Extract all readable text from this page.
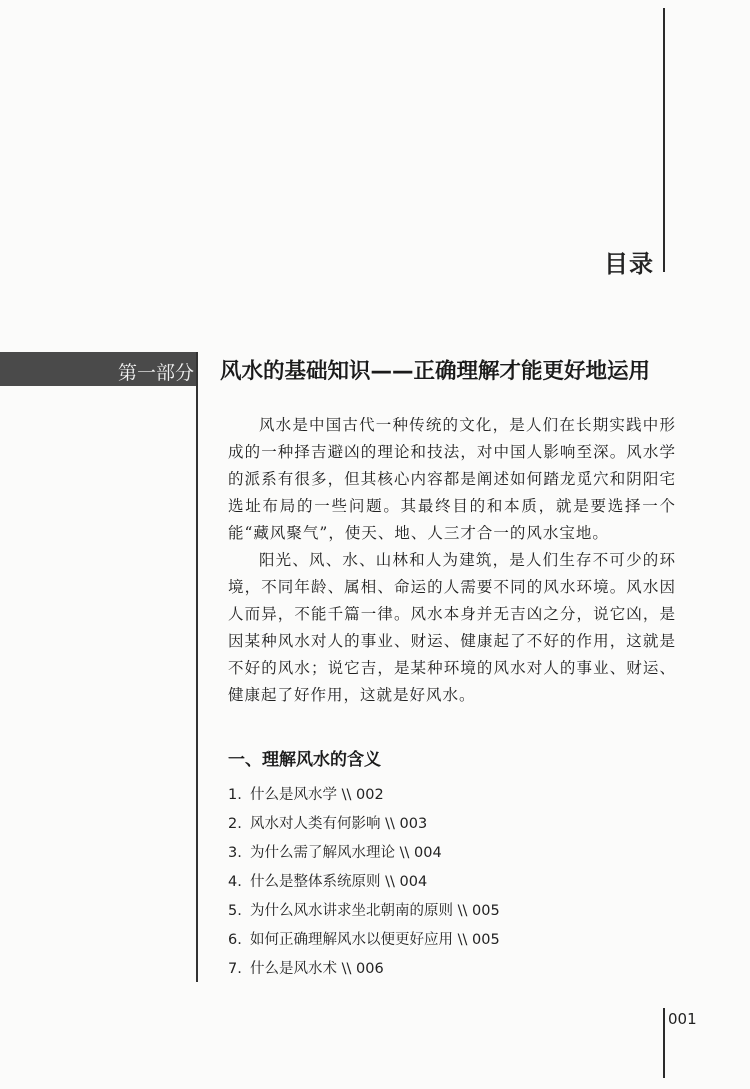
目录
第一部分 风水的基础知识——正确理解才能更好地运用

风水是中国古代一种传统的文化，是人们在长期实践中形成的一种择吉避凶的理论和技法，对中国人影响至深。风水学的派系有很多，但其核心内容都是阐述如何踏龙觅穴和阴阳宅选址布局的一些问题。其最终目的和本质，就是要选择一个能“藏风聚气”，使天、地、人三才合一的风水宝地。

阳光、风、水、山林和人为建筑，是人们生存不可少的环境，不同年龄、属相、命运的人需要不同的风水环境。风水因人而异，不能千篇一律。风水本身并无吉凶之分，说它凶，是因某种风水对人的事业、财运、健康起了不好的作用，这就是不好的风水；说它吉，是某种环境的风水对人的事业、财运、健康起了好作用，这就是好风水。

一、理解风水的含义
1. 什么是风水学 \\ 002
2. 风水对人类有何影响 \\ 003
3. 为什么需了解风水理论 \\ 004
4. 什么是整体系统原则 \\ 004
5. 为什么风水讲求坐北朝南的原则 \\ 005
6. 如何正确理解风水以便更好应用 \\ 005
7. 什么是风水术 \\ 006
001
